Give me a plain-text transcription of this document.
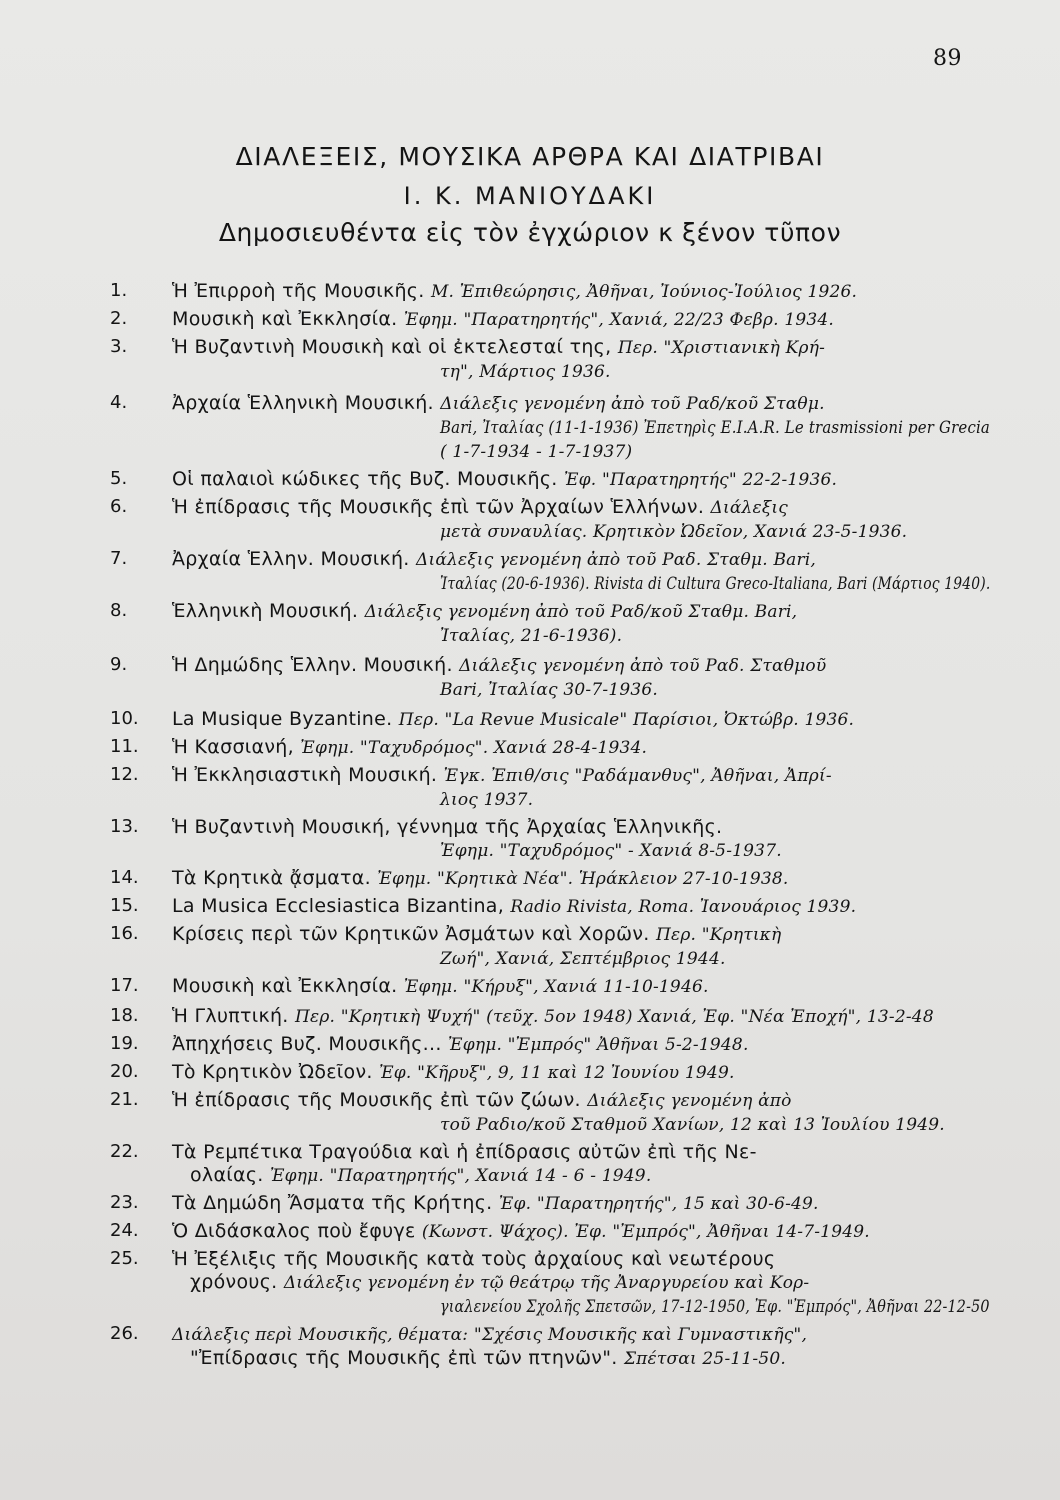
89
ΔΙΑΛΕΞΕΙΣ, ΜΟΥΣΙΚΑ ΑΡΘΡΑ ΚΑΙ ΔΙΑΤΡΙΒΑΙ
Ι. Κ. ΜΑΝΙΟΥΔΑΚΙ
Δημοσιευθέντα εἰς τὸν ἐγχώριον κ ξένον τῦπον
1.	Ἡ Ἐπιρροὴ τῆς Μουσικῆς. Μ. Ἐπιθεώρησις, Ἀθῆναι, Ἰούνιος-Ἰούλιος 1926.
2.	Μουσικὴ καὶ Ἐκκλησία. Ἐφημ. "Παρατηρητής", Χανιά, 22/23 Φεβρ. 1934.
3.	Ἡ Βυζαντινὴ Μουσικὴ καὶ οἱ ἐκτελεσταί της, Περ. "Χριστιανικὴ Κρή-
τη", Μάρτιος 1936.
4.	Ἀρχαία Ἑλληνικὴ Μουσική. Διάλεξις γενομένη ἀπὸ τοῦ Ραδ/κοῦ Σταθμ.
Bari, Ἰταλίας (11-1-1936) Ἐπετηρὶς E.I.A.R. Le trasmissioni per Grecia
( 1-7-1934 - 1-7-1937)
5.	Οἱ παλαιοὶ κώδικες τῆς Βυζ. Μουσικῆς. Ἐφ. "Παρατηρητής" 22-2-1936.
6.	Ἡ ἐπίδρασις τῆς Μουσικῆς ἐπὶ τῶν Ἀρχαίων Ἑλλήνων. Διάλεξις
μετὰ συναυλίας. Κρητικὸν Ὠδεῖον, Χανιά 23-5-1936.
7.	Ἀρχαία Ἑλλην. Μουσική. Διάλεξις γενομένη ἀπὸ τοῦ Ραδ. Σταθμ. Bari,
Ἰταλίας (20-6-1936). Rivista di Cultura Greco-Italiana, Bari (Μάρτιος 1940).
8.	Ἑλληνικὴ Μουσική. Διάλεξις γενομένη ἀπὸ τοῦ Ραδ/κοῦ Σταθμ. Bari,
Ἰταλίας, 21-6-1936).
9.	Ἡ Δημώδης Ἑλλην. Μουσική. Διάλεξις γενομένη ἀπὸ τοῦ Ραδ. Σταθμοῦ
Bari, Ἰταλίας 30-7-1936.
10.	La Musique Byzantine. Περ. "La Revue Musicale" Παρίσιοι, Ὀκτώβρ. 1936.
11.	Ἡ Κασσιανή, Ἐφημ. "Ταχυδρόμος". Χανιά 28-4-1934.
12.	Ἡ Ἐκκλησιαστικὴ Μουσική. Ἐγκ. Ἐπιθ/σις "Ραδάμανθυς", Ἀθῆναι, Ἀπρί-
λιος 1937.
13.	Ἡ Βυζαντινὴ Μουσική, γέννημα τῆς Ἀρχαίας Ἑλληνικῆς.
Ἐφημ. "Ταχυδρόμος" - Χανιά 8-5-1937.
14.	Τὰ Κρητικὰ ᾄσματα. Ἐφημ. "Κρητικὰ Νέα". Ἡράκλειον 27-10-1938.
15.	La Musica Ecclesiastica Bizantina, Radio Rivista, Roma. Ἰανουάριος 1939.
16.	Κρίσεις περὶ τῶν Κρητικῶν Ἀσμάτων καὶ Χορῶν. Περ. "Κρητικὴ
Ζωή", Χανιά, Σεπτέμβριος 1944.
17.	Μουσικὴ καὶ Ἐκκλησία. Ἐφημ. "Κήρυξ", Χανιά 11-10-1946.
18.	Ἡ Γλυπτική. Περ. "Κρητικὴ Ψυχή" (τεῦχ. 5ον 1948) Χανιά, Ἐφ. "Νέα Ἐποχή", 13-2-48
19.	Ἀπηχήσεις Βυζ. Μουσικῆς... Ἐφημ. "Ἐμπρός" Ἀθῆναι 5-2-1948.
20.	Τὸ Κρητικὸν Ὠδεῖον. Ἐφ. "Κῆρυξ", 9, 11 καὶ 12 Ἰουνίου 1949.
21.	Ἡ ἐπίδρασις τῆς Μουσικῆς ἐπὶ τῶν ζώων. Διάλεξις γενομένη ἀπὸ
τοῦ Ραδιο/κοῦ Σταθμοῦ Χανίων, 12 καὶ 13 Ἰουλίου 1949.
22.	Τὰ Ρεμπέτικα Τραγούδια καὶ ἡ ἐπίδρασις αὐτῶν ἐπὶ τῆς Νε-
ολαίας. Ἐφημ. "Παρατηρητής", Χανιά 14 - 6 - 1949.
23.	Τὰ Δημώδη Ἄσματα τῆς Κρήτης. Ἐφ. "Παρατηρητής", 15 καὶ 30-6-49.
24.	Ὁ Διδάσκαλος ποὺ ἔφυγε (Κωνστ. Ψάχος). Ἐφ. "Ἐμπρός", Ἀθῆναι 14-7-1949.
25.	Ἡ Ἐξέλιξις τῆς Μουσικῆς κατὰ τοὺς ἀρχαίους καὶ νεωτέρους
χρόνους. Διάλεξις γενομένη ἐν τῷ θεάτρῳ τῆς Ἀναργυρείου καὶ Κορ-
γιαλενείου Σχολῆς Σπετσῶν, 17-12-1950, Ἐφ. "Ἐμπρός", Ἀθῆναι 22-12-50
26.	Διάλεξις περὶ Μουσικῆς, θέματα: "Σχέσις Μουσικῆς καὶ Γυμναστικῆς",
"Ἐπίδρασις τῆς Μουσικῆς ἐπὶ τῶν πτηνῶν". Σπέτσαι 25-11-50.
